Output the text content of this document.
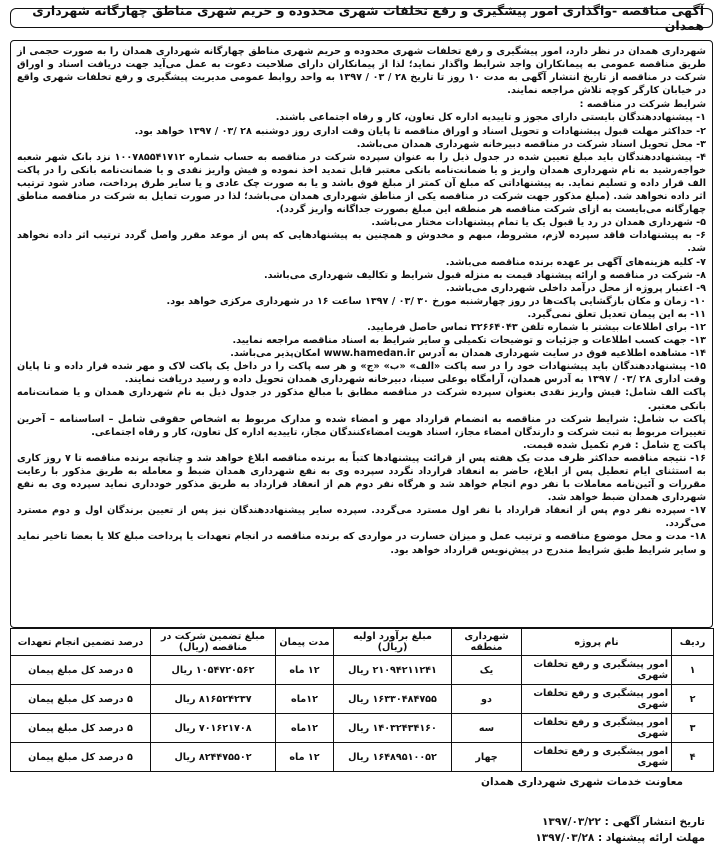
آگهی مناقصه -واگذاری امور پیشگیری و رفع تخلفات شهری محدوده و حریم شهری مناطق چهارگانه شهرداری همدان

شهرداری همدان در نظر دارد، امور پیشگیری و رفع تخلفات شهری محدوده و حریم شهری مناطق چهارگانه شهرداری همدان را به صورت حجمی از طریق مناقصه عمومی به پیمانکاران واجد شرایط واگذار نماید؛ لذا از پیمانکاران دارای صلاحیت دعوت به عمل می‌آید جهت دریافت اسناد و اوراق شرکت در مناقصه از تاریخ انتشار آگهی به مدت ۱۰ روز تا تاریخ ۲۸ / ۰۳ / ۱۳۹۷ به واحد روابط عمومی مدیریت پیشگیری و رفع تخلفات شهری واقع در خیابان کارگر کوچه تلاش مراجعه نمایند.

شرایط شرکت در مناقصه :

۱- پیشنهاددهندگان بایستی دارای مجوز و تاییدیه اداره کل تعاون، کار و رفاه اجتماعی باشند.

۲- حداکثر مهلت قبول پیشنهادات و تحویل اسناد و اوراق مناقصه تا پایان وقت اداری روز دوشنبه ۲۸ /۰۳ / ۱۳۹۷ خواهد بود.

۳- محل تحویل اسناد شرکت در مناقصه دبیرخانه شهرداری همدان می‌باشد.

۴- پیشنهاددهندگان باید مبلغ تعیین شده در جدول ذیل را به عنوان سپرده شرکت در مناقصه به حساب شماره ۱۰۰۷۸۵۵۴۱۷۱۲ نزد بانک شهر شعبه خواجه‌رشید به نام شهرداری همدان واریز و یا ضمانت‌نامه بانکی معتبر قابل تمدید اخذ نموده و فیش واریز نقدی و یا ضمانت‌نامه بانکی را در پاکت الف قرار داده و تسلیم نماید. به پیشنهاداتی که مبلغ آن کمتر از مبلغ فوق باشد و یا به صورت چک عادی و یا سایر طرق پرداخت، صادر شود ترتیب اثر داده نخواهد شد. (مبلغ مذکور جهت شرکت در مناقصه یکی از مناطق شهرداری همدان می‌باشد؛ لذا در صورت تمایل به شرکت در مناقصه مناطق چهارگانه می‌بایست به ازای شرکت مناقصه هر منطقه این مبلغ بصورت جداگانه واریز گردد).

۵- شهرداری همدان در رد یا قبول یک یا تمام پیشنهادات مختار می‌باشد.

۶- به پیشنهادات فاقد سپرده لازم، مشروط، مبهم و مخدوش و همچنین به پیشنهادهایی که پس از موعد مقرر واصل گردد ترتیب اثر داده نخواهد شد.

۷- کلیه هزینه‌های آگهی بر عهده برنده مناقصه می‌باشد.

۸- شرکت در مناقصه و ارائه پیشنهاد قیمت به منزله قبول شرایط و تکالیف شهرداری می‌باشد.

۹- اعتبار پروژه از محل درآمد داخلی شهرداری می‌باشد.

۱۰- زمان و مکان بازگشایی پاکت‌ها در روز چهارشنبه مورخ ۳۰ /۰۳ / ۱۳۹۷ ساعت ۱۶ در شهرداری مرکزی خواهد بود.

۱۱- به این پیمان تعدیل تعلق نمی‌گیرد.

۱۲- برای اطلاعات بیشتر با شماره تلفن ۳۲۶۶۴۰۴۳ تماس حاصل فرمایید.

۱۳- جهت کسب اطلاعات و جزئیات و توضیحات تکمیلی و سایر شرایط به اسناد مناقصه مراجعه نمایید.

۱۴- مشاهده اطلاعیه فوق در سایت شهرداری همدان به آدرس www.hamedan.ir امکان‌پذیر می‌باشد.

۱۵- پیشنهاددهندگان باید پیشنهادات خود را در سه پاکت «الف» «ب» «ج» و هر سه پاکت را در داخل یک پاکت لاک و مهر شده قرار داده و تا پایان وقت اداری ۲۸ /۰۳ / ۱۳۹۷ به آدرس همدان، آرامگاه بوعلی سینا، دبیرخانه شهرداری همدان تحویل داده و رسید دریافت نمایند.

پاکت الف شامل: فیش واریز نقدی بعنوان سپرده شرکت در مناقصه مطابق با مبالغ مذکور در جدول ذیل به نام شهرداری همدان و یا ضمانت‌نامه بانکی معتبر.

پاکت ب شامل: شرایط شرکت در مناقصه به انضمام قرارداد مهر و امضاء شده و مدارک مربوط به اشخاص حقوقی شامل – اساسنامه – آخرین تغییرات مربوط به ثبت شرکت و دارندگان امضاء مجاز، اسناد هویت امضاءکنندگان مجاز، تاییدیه اداره کل تعاون، کار و رفاه اجتماعی.

پاکت ج شامل : فرم تکمیل شده قیمت.

۱۶- نتیجه مناقصه حداکثر ظرف مدت یک هفته پس از قرائت پیشنهادها کتباً به برنده مناقصه ابلاغ خواهد شد و چنانچه برنده مناقصه تا ۷ روز کاری به استثنای ایام تعطیل پس از ابلاغ، حاضر به انعقاد قرارداد نگردد سپرده وی به نفع شهرداری همدان ضبط و معامله به طریق مذکور با رعایت مقررات و آئین‌نامه معاملات با نفر دوم انجام خواهد شد و هرگاه نفر دوم هم از انعقاد قرارداد به طریق مذکور خودداری نماید سپرده وی به نفع شهرداری همدان ضبط خواهد شد.

۱۷- سپرده نفر دوم پس از انعقاد قرارداد با نفر اول مسترد می‌گردد. سپرده سایر پیشنهاددهندگان نیز پس از تعیین برندگان اول و دوم مسترد می‌گردد.

۱۸- مدت و محل موضوع مناقصه و ترتیب عمل و میزان خسارت در مواردی که برنده مناقصه در انجام تعهدات یا پرداخت مبلغ کلا یا بعضا تاخیر نماید و سایر شرایط طبق شرایط مندرج در پیش‌نویس قرارداد خواهد بود.

ردیف	نام پروژه	شهرداری منطقه	مبلغ برآورد اولیه (ریال)	مدت پیمان	مبلغ تضمین شرکت در مناقصه (ریال)	درصد تضمین انجام تعهدات
۱	امور پیشگیری و رفع تخلفات شهری	یک	۲۱۰۹۴۲۱۱۲۴۱ ریال	۱۲ ماه	۱۰۵۴۷۲۰۵۶۲ ریال	۵ درصد کل مبلغ پیمان
۲	امور پیشگیری و رفع تخلفات شهری	دو	۱۶۳۳۰۴۸۴۷۵۵ ریال	۱۲ماه	۸۱۶۵۲۴۲۳۷ ریال	۵ درصد کل مبلغ پیمان
۳	امور پیشگیری و رفع تخلفات شهری	سه	۱۴۰۳۲۴۳۴۱۶۰ ریال	۱۲ماه	۷۰۱۶۲۱۷۰۸ ریال	۵ درصد کل مبلغ پیمان
۴	امور پیشگیری و رفع تخلفات شهری	چهار	۱۶۴۸۹۵۱۰۰۵۲ ریال	۱۲ ماه	۸۲۴۴۷۵۵۰۲ ریال	۵ درصد کل مبلغ پیمان
معاونت خدمات شهری شهرداری همدان
تاریخ انتشار آگهی : ۱۳۹۷/۰۳/۲۲
مهلت ارائه پیشنهاد : ۱۳۹۷/۰۳/۲۸
